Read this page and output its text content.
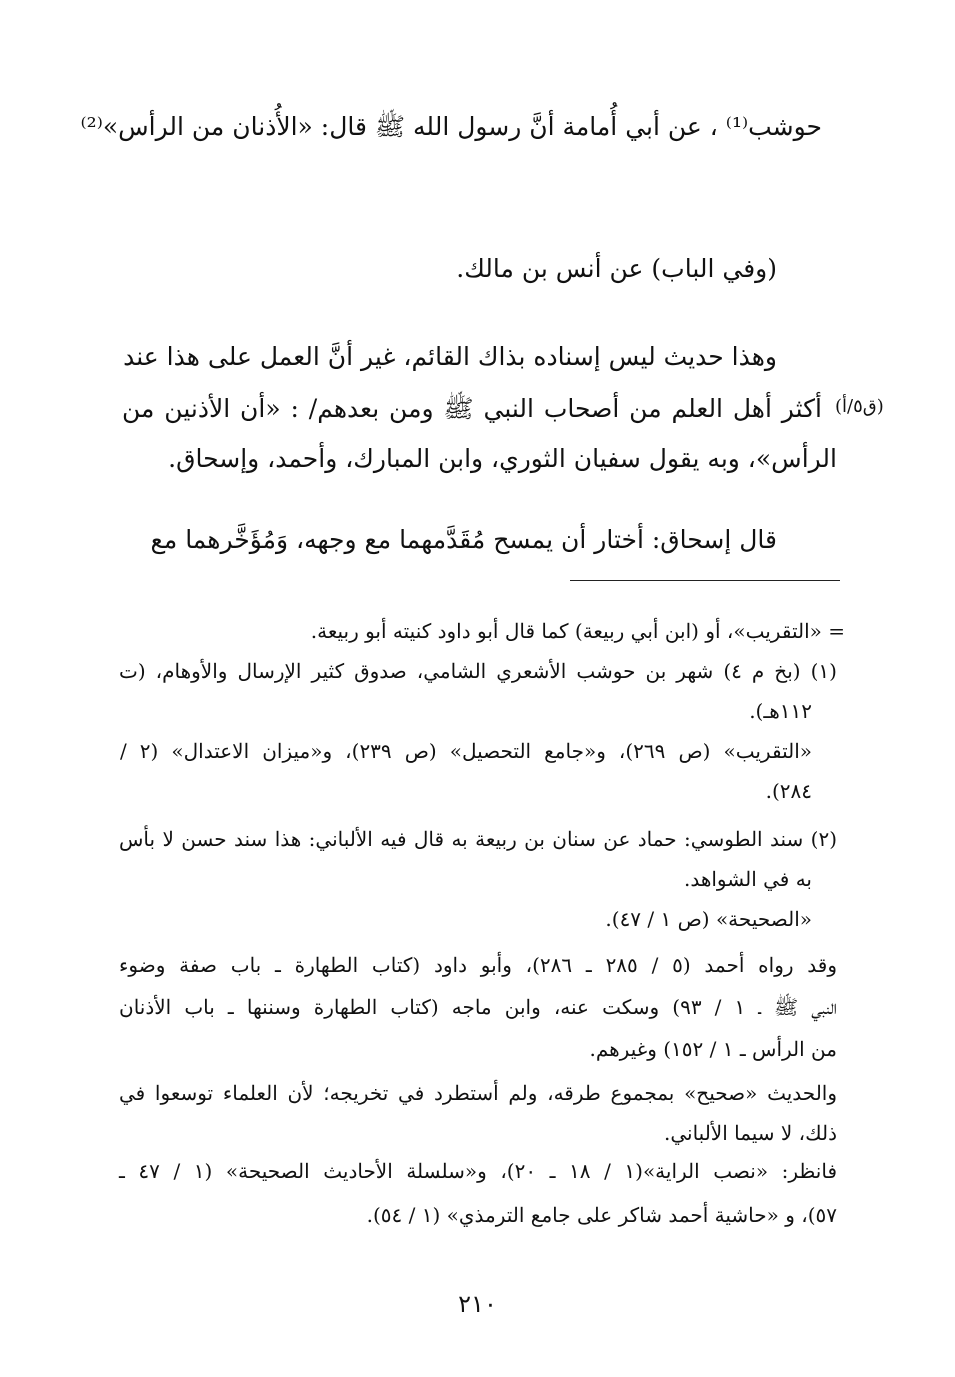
حوشب⁽¹⁾ ، عن أبي أُمامة أنَّ رسول الله ﷺ قال: «الأُذنان من الرأس»⁽²⁾
(وفي الباب) عن أنس بن مالك.
وهذا حديث ليس إسناده بذاك القائم، غير أنَّ العمل على هذا عند
(ق٥/أ)
أكثر أهل العلم من أصحاب النبي ﷺ ومن بعدهم/ : «أن الأذنين من
الرأس»، وبه يقول سفيان الثوري، وابن المبارك، وأحمد، وإسحاق.
قال إسحاق: أختار أن يمسح مُقَدَّمهما مع وجهه، وَمُؤَخَّرهما مع
= «التقريب»، أو (ابن أبي ربيعة) كما قال أبو داود كنيته أبو ربيعة.
(١) (بخ م ٤) شهر بن حوشب الأشعري الشامي، صدوق كثير الإرسال والأوهام، (ت
١١٢هـ).
«التقريب» (ص ٢٦٩)، و«جامع التحصيل» (ص ٢٣٩)، و«ميزان الاعتدال» (٢ /
٢٨٤).
(٢) سند الطوسي: حماد عن سنان بن ربيعة به قال فيه الألباني: هذا سند حسن لا بأس
به في الشواهد.
«الصحيحة» (ص ١ / ٤٧).
وقد رواه أحمد (٥ / ٢٨٥ ـ ٢٨٦)، وأبو داود (كتاب الطهارة ـ باب صفة وضوء
النبي ﷺ ـ ١ / ٩٣) وسكت عنه، وابن ماجه (كتاب الطهارة وسننها ـ باب الأذنان
من الرأس ـ ١ / ١٥٢) وغيرهم.
والحديث «صحيح» بمجموع طرقه، ولم أستطرد في تخريجه؛ لأن العلماء توسعوا في
ذلك، لا سيما الألباني.
فانظر: «نصب الراية»(١ / ١٨ ـ ٢٠)، و«سلسلة الأحاديث الصحيحة» (١ / ٤٧ ـ
٥٧)، و «حاشية أحمد شاكر على جامع الترمذي» (١ / ٥٤).
٢١٠
